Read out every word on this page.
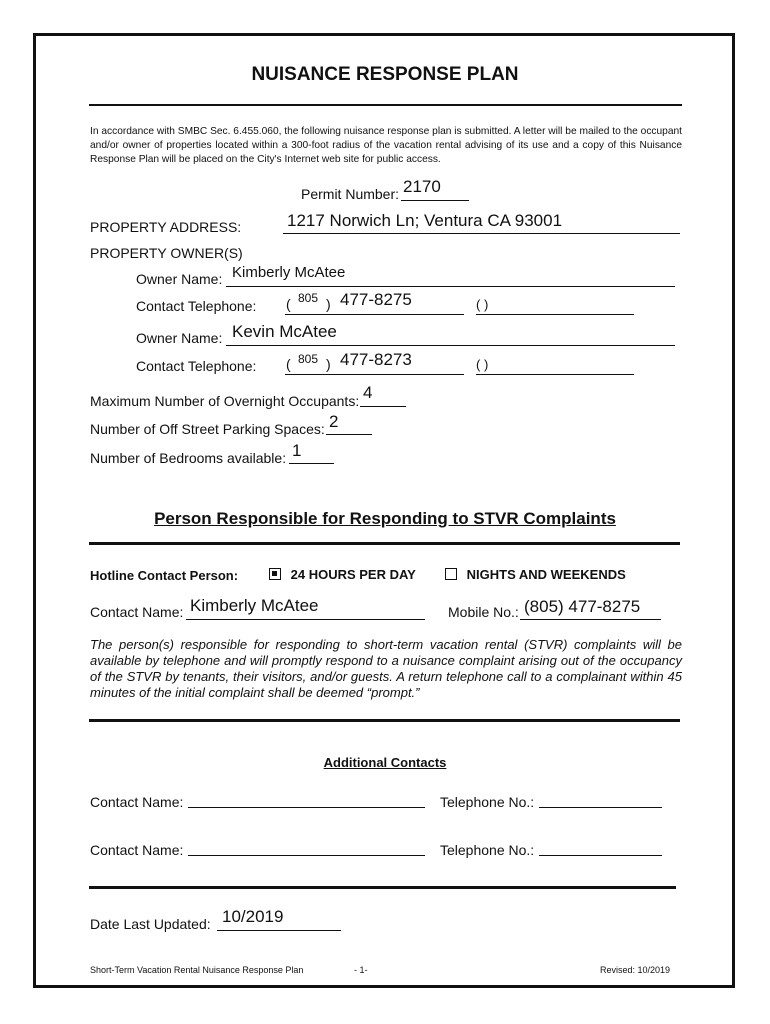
NUISANCE RESPONSE PLAN
In accordance with SMBC Sec. 6.455.060, the following nuisance response plan is submitted. A letter will be mailed to the occupant and/or owner of properties located within a 300-foot radius of the vacation rental advising of its use and a copy of this Nuisance Response Plan will be placed on the City's Internet web site for public access.
Permit Number: 2170
PROPERTY ADDRESS:	1217 Norwich Ln; Ventura CA 93001
PROPERTY OWNER(S)
Owner Name: Kimberly McAtee
Contact Telephone: ( 805 ) 477-8275	( )
Owner Name: Kevin McAtee
Contact Telephone: ( 805 ) 477-8273	( )
Maximum Number of Overnight Occupants: 4
Number of Off Street Parking Spaces: 2
Number of Bedrooms available: 1
Person Responsible for Responding to STVR Complaints
Hotline Contact Person:	24 HOURS PER DAY	NIGHTS AND WEEKENDS
Contact Name: Kimberly McAtee	Mobile No.: (805) 477-8275
The person(s) responsible for responding to short-term vacation rental (STVR) complaints will be available by telephone and will promptly respond to a nuisance complaint arising out of the occupancy of the STVR by tenants, their visitors, and/or guests. A return telephone call to a complainant within 45 minutes of the initial complaint shall be deemed “prompt.”
Additional Contacts
Contact Name:	Telephone No.:
Contact Name:	Telephone No.:
Date Last Updated: 10/2019
Short-Term Vacation Rental Nuisance Response Plan	- 1-	Revised: 10/2019
